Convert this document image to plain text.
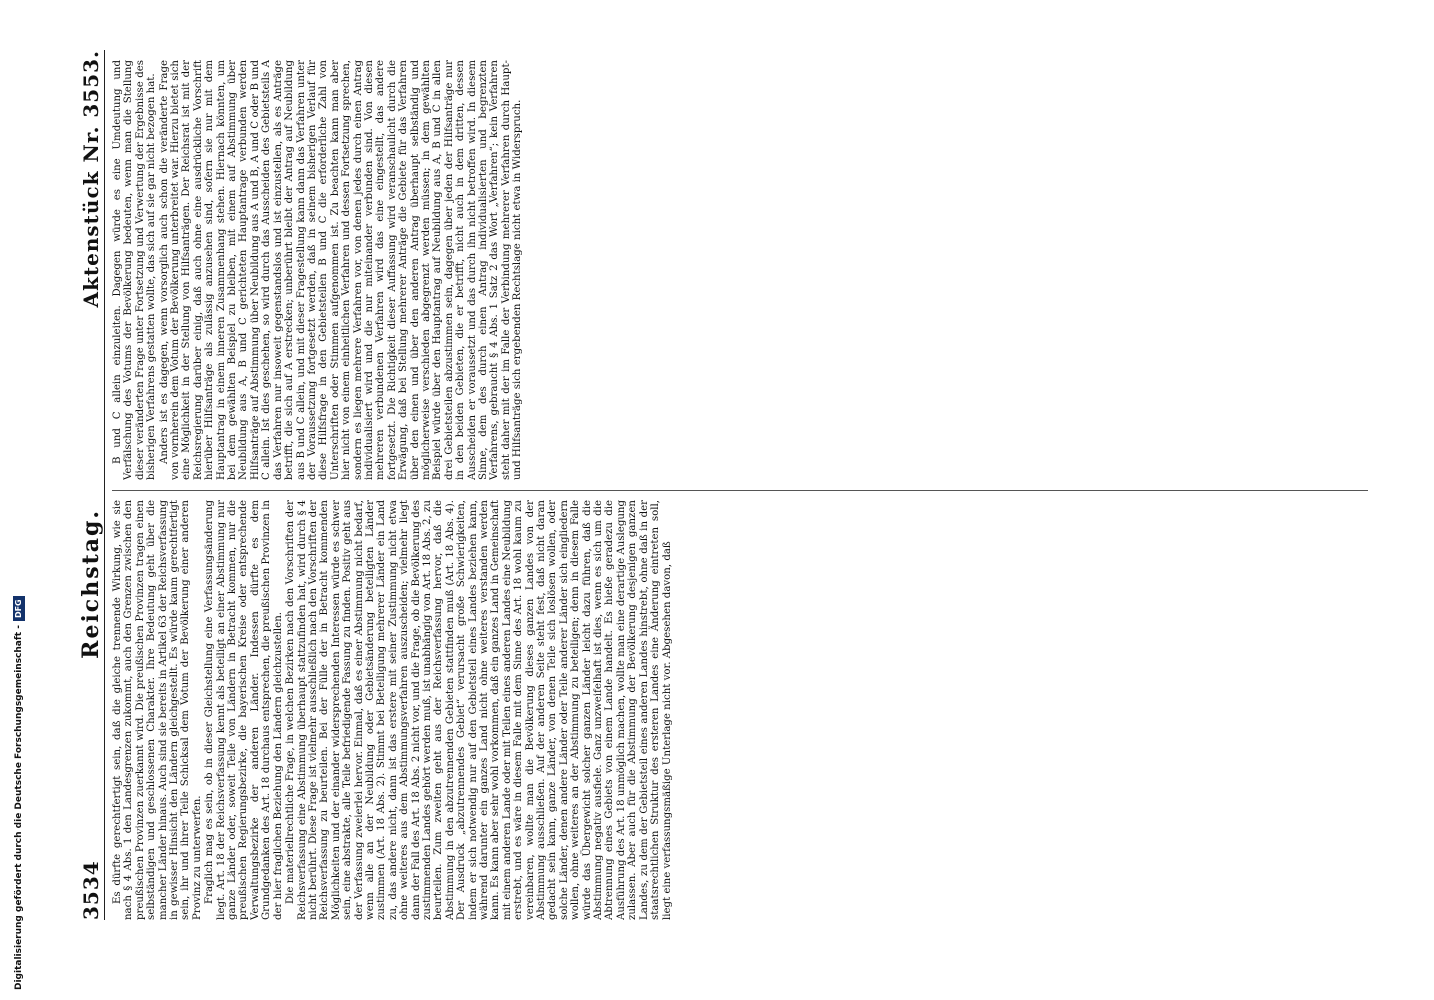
3534
Reichstag.
Aktenstück Nr. 3553.

Es dürfte gerechtfertigt sein, daß die gleiche trennende Wirkung, wie sie nach § 4 Abs. 1 den Landesgrenzen zukommt, auch den Grenzen zwischen den preußischen Provinzen zuerkannt wird. Die preußischen Provinzen tragen einen selbständigen und geschlossenen Charakter. Ihre Bedeutung geht über die mancher Länder hinaus. Auch sind sie bereits in Artikel 63 der Reichsverfassung in gewisser Hinsicht den Ländern gleichgestellt. Es würde kaum gerechtfertigt sein, ihr und ihrer Teile Schicksal dem Votum der Bevölkerung einer anderen Provinz zu unterwerfen. Fraglich mag es sein, ob in dieser Gleichstellung eine Verfassungsänderung liegt. Art. 18 der Reichsverfassung kennt als beteiligt an einer Abstimmung nur ganze Länder oder, soweit Teile von Ländern in Betracht kommen, nur die preußischen Regierungsbezirke, die bayerischen Kreise oder entsprechende Verwaltungsbezirke der anderen Länder. Indessen dürfte es dem Grundgedanken des Art. 18 durchaus entsprechen, die preußischen Provinzen in der hier fraglichen Beziehung den Ländern gleichzustellen. Die materiellrechtliche Frage, in welchen Bezirken nach den Vorschriften der Reichsverfassung eine Abstimmung überhaupt stattzufinden hat, wird durch § 4 nicht berührt. Diese Frage ist vielmehr ausschließlich nach den Vorschriften der Reichsverfassung zu beurteilen. Bei der Fülle der in Betracht kommenden Möglichkeiten und der einander widersprechenden Interessen würde es schwer sein, eine abstrakte, alle Teile befriedigende Fassung zu finden. Positiv geht aus der Verfassung zweierlei hervor. Einmal, daß es einer Abstimmung nicht bedarf, wenn alle an der Neubildung oder Gebietsänderung beteiligten Länder zustimmen (Art. 18 Abs. 2). Stimmt bei Beteiligung mehrerer Länder ein Land zu, das andere nicht, dann ist das erstere mit seiner Zustimmung nicht etwa ohne weiteres aus dem Abstimmungsverfahren auszuscheiden; vielmehr liegt dann der Fall des Art. 18 Abs. 2 nicht vor, und die Frage, ob die Bevölkerung des zustimmenden Landes gehört werden muß, ist unabhängig von Art. 18 Abs. 2, zu beurteilen. Zum zweiten geht aus der Reichsverfassung hervor, daß die Abstimmung in den abzutrennenden Gebieten stattfinden muß (Art. 18 Abs. 4). Der Ausdruck „abzutrennendes Gebiet“ verursacht große Schwierigkeiten, indem er sich notwendig nur auf den Gebietsteil eines Landes beziehen kann, während darunter ein ganzes Land nicht ohne weiteres verstanden werden kann. Es kann aber sehr wohl vorkommen, daß ein ganzes Land in Gemeinschaft mit einem anderen Lande oder mit Teilen eines anderen Landes eine Neubildung erstrebt, und es wäre in diesem Falle mit dem Sinne des Art. 18 wohl kaum zu vereinbaren, wollte man die Bevölkerung dieses ganzen Landes von der Abstimmung ausschließen. Auf der anderen Seite steht fest, daß nicht daran gedacht sein kann, ganze Länder, von denen Teile sich loslösen wollen, oder solche Länder, denen andere Länder oder Teile anderer Länder sich eingliedern wollen, ohne weiteres an der Abstimmung zu beteiligen; denn in diesem Falle würde das Übergewicht solcher ganzen Länder leicht dazu führen, daß die Abstimmung negativ ausfiele. Ganz unzweifelhaft ist dies, wenn es sich um die Abtrennung eines Gebiets von einem Lande handelt. Es hieße geradezu die Ausführung des Art. 18 unmöglich machen, wollte man eine derartige Auslegung zulassen. Aber auch für die Abstimmung der Bevölkerung desjenigen ganzen Landes, zu dem der Gebietsteil eines anderen Landes hinstrebt, ohne daß in der staatsrechtlichen Struktur des ersteren Landes eine Änderung eintreten soll, liegt eine verfassungsmäßige Unterlage nicht vor. Abgesehen davon, daß

B und C allein einzuleiten. Dagegen würde es eine Umdeutung und Verfälschung des Votums der Bevölkerung bedeuten, wenn man die Stellung dieser veränderten Frage unter Fortsetzung und Verwertung der Ergebnisse des bisherigen Verfahrens gestatten wollte, das sich auf sie gar nicht bezogen hat. Anders ist es dagegen, wenn vorsorglich auch schon die veränderte Frage von vornherein dem Votum der Bevölkerung unterbreitet war. Hierzu bietet sich eine Möglichkeit in der Stellung von Hilfsanträgen. Der Reichsrat ist mit der Reichsregierung darüber einig, daß auch ohne eine ausdrückliche Vorschrift hierüber Hilfsanträge als zulässig anzusehen sind, sofern sie nur mit dem Hauptantrag in einem inneren Zusammenhang stehen. Hiernach könnten, um bei dem gewählten Beispiel zu bleiben, mit einem auf Abstimmung über Neubildung aus A, B und C gerichteten Hauptantrage verbunden werden Hilfsanträge auf Abstimmung über Neubildung aus A und B, A und C oder B und C allein. Ist dies geschehen, so wird durch das Ausscheiden des Gebietsteils A das Verfahren nur insoweit gegenstandslos und ist einzustellen, als es Anträge betrifft, die sich auf A erstrecken; unberührt bleibt der Antrag auf Neubildung aus B und C allein, und mit dieser Fragestellung kann dann das Verfahren unter der Voraussetzung fortgesetzt werden, daß in seinem bisherigen Verlauf für diese Hilfsfrage in den Gebietsteilen B und C die erforderliche Zahl von Unterschriften oder Stimmen aufgenommen ist. Zu beachten kann man aber hier nicht von einem einheitlichen Verfahren und dessen Fortsetzung sprechen, sondern es liegen mehrere Verfahren vor, von denen jedes durch einen Antrag individualisiert wird und die nur miteinander verbunden sind. Von diesen mehreren verbundenen Verfahren wird das eine eingestellt, das andere fortgesetzt. Die Richtigkeit dieser Auffassung wird veranschaulicht durch die Erwägung, daß bei Stellung mehrerer Anträge die Gebiete für das Verfahren über den einen und über den anderen Antrag überhaupt selbständig und möglicherweise verschieden abgegrenzt werden müssen; in dem gewählten Beispiel würde über den Hauptantrag auf Neubildung aus A, B und C in allen drei Gebietsteilen abzustimmen sein, dagegen über jeden der Hilfsanträge nur in den beiden Gebieten, die er betrifft, nicht auch in dem dritten, dessen Ausscheiden er voraussetzt und das durch ihn nicht betroffen wird. In diesem Sinne, dem des durch einen Antrag individualisierten und begrenzten Verfahrens, gebraucht § 4 Abs. 1 Satz 2 das Wort „Verfahren“; kein Verfahren steht daher mit der im Falle der Verbindung mehrerer Verfahren durch Haupt- und Hilfsanträge sich ergebenden Rechtslage nicht etwa in Widerspruch.

Digitalisierung gefördert durch die Deutsche Forschungsgemeinschaft -
DFG
